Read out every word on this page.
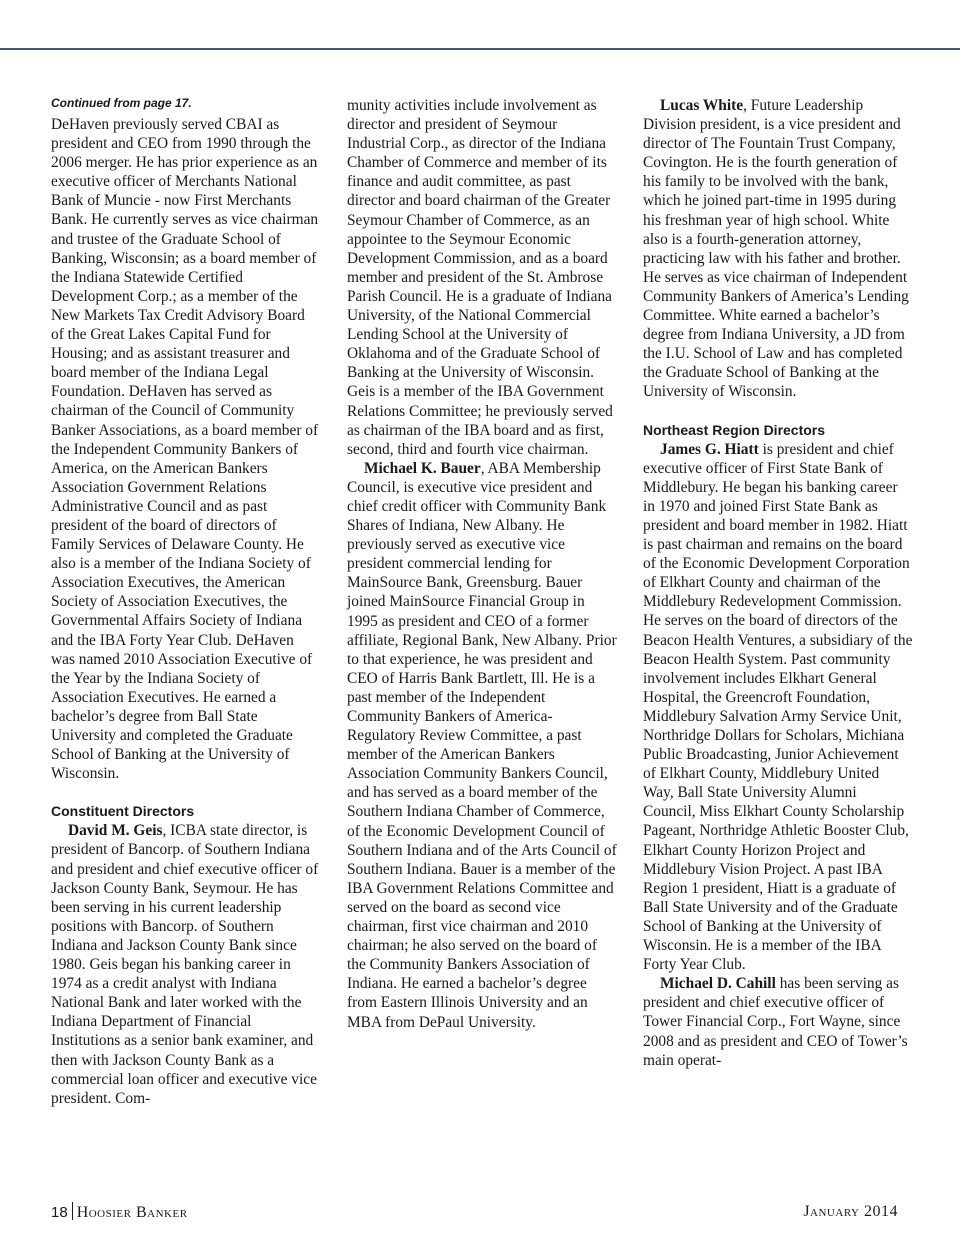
Continued from page 17.

DeHaven previously served CBAI as president and CEO from 1990 through the 2006 merger. He has prior experience as an executive officer of Merchants National Bank of Muncie - now First Merchants Bank. He currently serves as vice chairman and trustee of the Graduate School of Banking, Wisconsin; as a board member of the Indiana Statewide Certified Development Corp.; as a member of the New Markets Tax Credit Advisory Board of the Great Lakes Capital Fund for Housing; and as assistant treasurer and board member of the Indiana Legal Foundation. DeHaven has served as chairman of the Council of Community Banker Associations, as a board member of the Independent Community Bankers of America, on the American Bankers Association Government Relations Administrative Council and as past president of the board of directors of Family Services of Delaware County. He also is a member of the Indiana Society of Association Executives, the American Society of Association Executives, the Governmental Affairs Society of Indiana and the IBA Forty Year Club. DeHaven was named 2010 Association Executive of the Year by the Indiana Society of Association Executives. He earned a bachelor’s degree from Ball State University and completed the Graduate School of Banking at the University of Wisconsin.

Constituent Directors

David M. Geis, ICBA state director, is president of Bancorp. of Southern Indiana and president and chief executive officer of Jackson County Bank, Seymour. He has been serving in his current leadership positions with Bancorp. of Southern Indiana and Jackson County Bank since 1980. Geis began his banking career in 1974 as a credit analyst with Indiana National Bank and later worked with the Indiana Department of Financial Institutions as a senior bank examiner, and then with Jackson County Bank as a commercial loan officer and executive vice president. Com-

munity activities include involvement as director and president of Seymour Industrial Corp., as director of the Indiana Chamber of Commerce and member of its finance and audit committee, as past director and board chairman of the Greater Seymour Chamber of Commerce, as an appointee to the Seymour Economic Development Commission, and as a board member and president of the St. Ambrose Parish Council. He is a graduate of Indiana University, of the National Commercial Lending School at the University of Oklahoma and of the Graduate School of Banking at the University of Wisconsin. Geis is a member of the IBA Government Relations Committee; he previously served as chairman of the IBA board and as first, second, third and fourth vice chairman.

Michael K. Bauer, ABA Membership Council, is executive vice president and chief credit officer with Community Bank Shares of Indiana, New Albany. He previously served as executive vice president commercial lending for MainSource Bank, Greensburg. Bauer joined MainSource Financial Group in 1995 as president and CEO of a former affiliate, Regional Bank, New Albany. Prior to that experience, he was president and CEO of Harris Bank Bartlett, Ill. He is a past member of the Independent Community Bankers of America-Regulatory Review Committee, a past member of the American Bankers Association Community Bankers Council, and has served as a board member of the Southern Indiana Chamber of Commerce, of the Economic Development Council of Southern Indiana and of the Arts Council of Southern Indiana. Bauer is a member of the IBA Government Relations Committee and served on the board as second vice chairman, first vice chairman and 2010 chairman; he also served on the board of the Community Bankers Association of Indiana. He earned a bachelor’s degree from Eastern Illinois University and an MBA from DePaul University.

Lucas White, Future Leadership Division president, is a vice president and director of The Fountain Trust Company, Covington. He is the fourth generation of his family to be involved with the bank, which he joined part-time in 1995 during his freshman year of high school. White also is a fourth-generation attorney, practicing law with his father and brother. He serves as vice chairman of Independent Community Bankers of America’s Lending Committee. White earned a bachelor’s degree from Indiana University, a JD from the I.U. School of Law and has completed the Graduate School of Banking at the University of Wisconsin.

Northeast Region Directors

James G. Hiatt is president and chief executive officer of First State Bank of Middlebury. He began his banking career in 1970 and joined First State Bank as president and board member in 1982. Hiatt is past chairman and remains on the board of the Economic Development Corporation of Elkhart County and chairman of the Middlebury Redevelopment Commission. He serves on the board of directors of the Beacon Health Ventures, a subsidiary of the Beacon Health System. Past community involvement includes Elkhart General Hospital, the Greencroft Foundation, Middlebury Salvation Army Service Unit, Northridge Dollars for Scholars, Michiana Public Broadcasting, Junior Achievement of Elkhart County, Middlebury United Way, Ball State University Alumni Council, Miss Elkhart County Scholarship Pageant, Northridge Athletic Booster Club, Elkhart County Horizon Project and Middlebury Vision Project. A past IBA Region 1 president, Hiatt is a graduate of Ball State University and of the Graduate School of Banking at the University of Wisconsin. He is a member of the IBA Forty Year Club.

Michael D. Cahill has been serving as president and chief executive officer of Tower Financial Corp., Fort Wayne, since 2008 and as president and CEO of Tower’s main operat-

18 Hoosier Banker	January 2014
